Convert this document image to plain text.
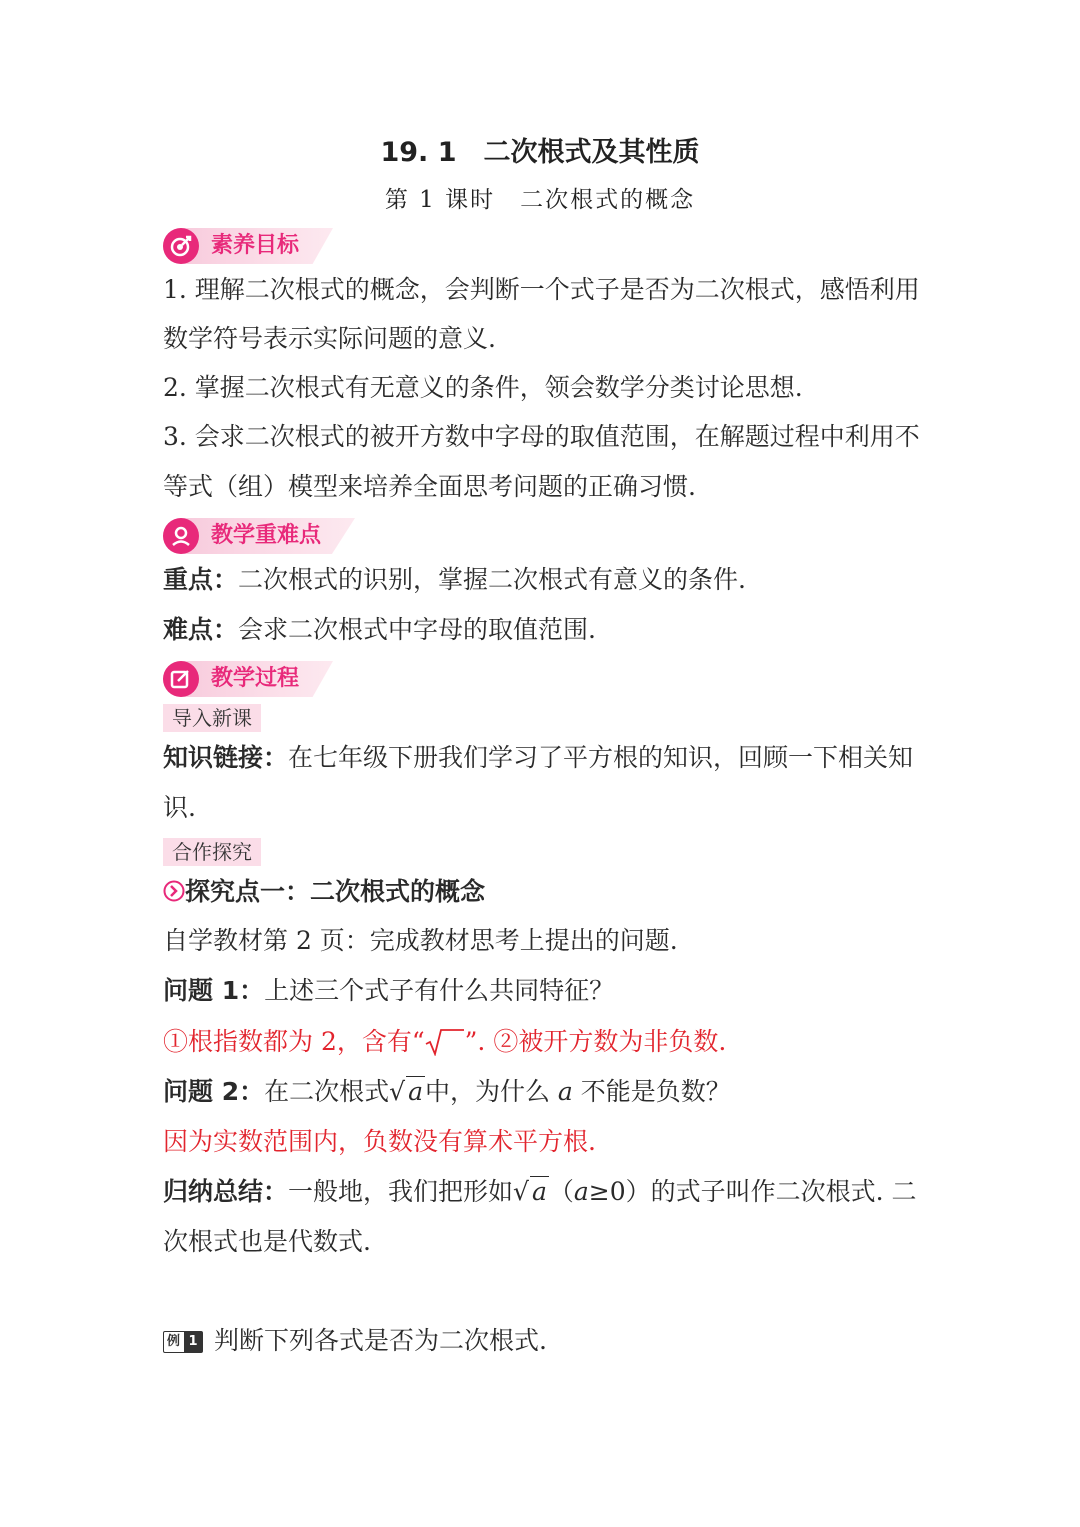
19. 1　二次根式及其性质
第 1 课时　二次根式的概念
素养目标
1. 理解二次根式的概念，会判断一个式子是否为二次根式，感悟利用
数学符号表示实际问题的意义.
2. 掌握二次根式有无意义的条件，领会数学分类讨论思想.
3. 会求二次根式的被开方数中字母的取值范围，在解题过程中利用不
等式（组）模型来培养全面思考问题的正确习惯.
教学重难点
重点：二次根式的识别，掌握二次根式有意义的条件.
难点：会求二次根式中字母的取值范围.
教学过程
导入新课
知识链接：在七年级下册我们学习了平方根的知识，回顾一下相关知
识.
合作探究
探究点一：二次根式的概念
自学教材第 2 页：完成教材思考上提出的问题.
问题 1：上述三个式子有什么共同特征？
①根指数都为 2，含有“ ”. ②被开方数为非负数.
问题 2：在二次根式√ a中，为什么 a 不能是负数？
因为实数范围内，负数没有算术平方根.
归纳总结：一般地，我们把形如√ a（a≥0）的式子叫作二次根式. 二
次根式也是代数式.
例 1 判断下列各式是否为二次根式.
